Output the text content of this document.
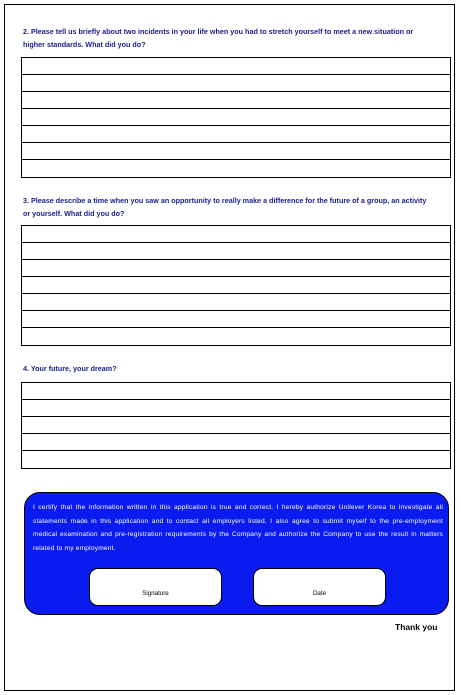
2. Please tell us briefly about two incidents in your life when you had to stretch yourself to meet a new situation or higher standards. What did you do?
3. Please describe a time when you saw an opportunity to really make a difference for the future of a group, an activity or yourself. What did you do?
4. Your future, your dream?
I certify that the information written in this application is true and correct. I hereby authorize Unilever Korea to investigate all statements made in this application and to contact all employers listed. I also agree to submit myself to the pre-employment medical examination and pre-registration requirements by the Company and authorize the Company to use the result in matters related to my employment.
Signature	Date
Thank you
